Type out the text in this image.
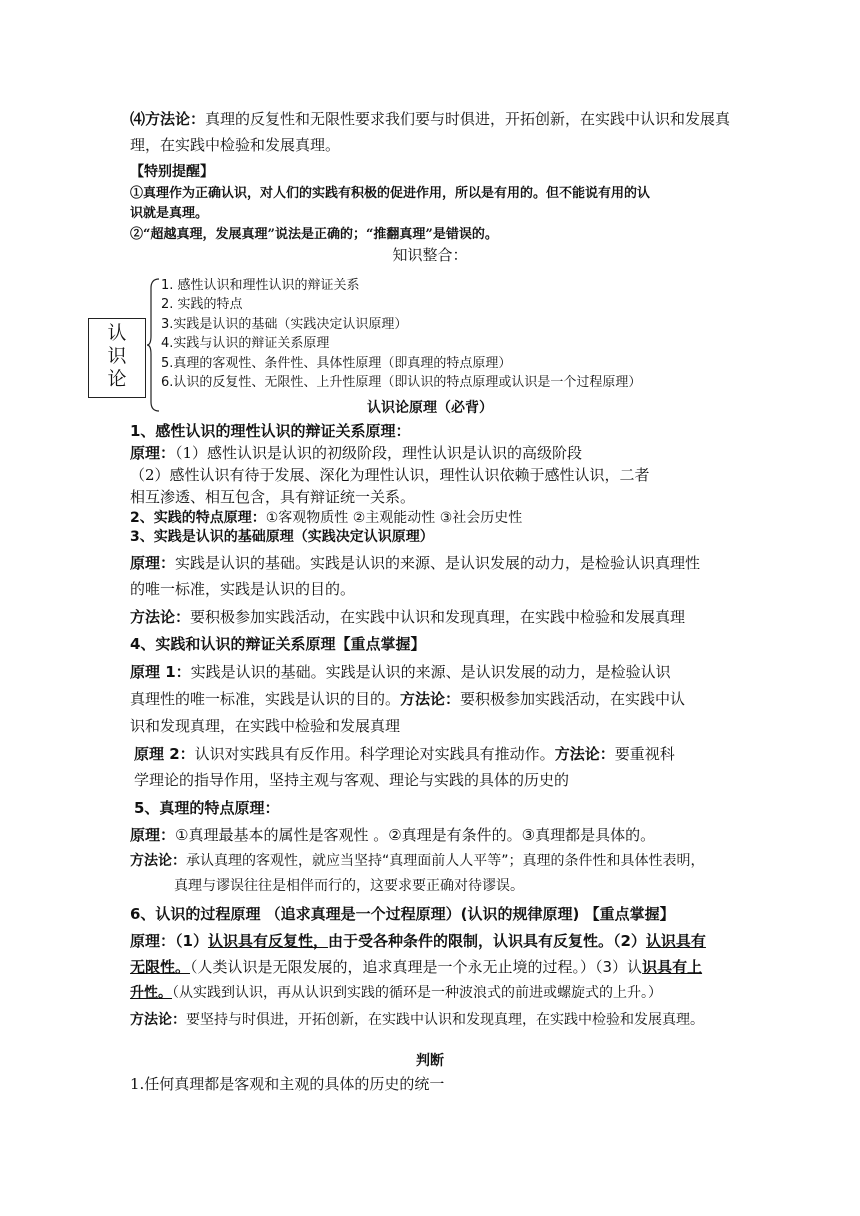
⑷方法论：真理的反复性和无限性要求我们要与时俱进，开拓创新，在实践中认识和发展真
理，在实践中检验和发展真理。
【特别提醒】
①真理作为正确认识，对人们的实践有积极的促进作用，所以是有用的。但不能说有用的认
识就是真理。
②“超越真理，发展真理”说法是正确的；“推翻真理”是错误的。
知识整合：
认识论
1. 感性认识和理性认识的辩证关系
2. 实践的特点
3.实践是认识的基础（实践决定认识原理）
4.实践与认识的辩证关系原理
5.真理的客观性、条件性、具体性原理（即真理的特点原理）
6.认识的反复性、无限性、上升性原理（即认识的特点原理或认识是一个过程原理）
认识论原理（必背）
1、感性认识的理性认识的辩证关系原理：
原理：（1）感性认识是认识的初级阶段，理性认识是认识的高级阶段
（2）感性认识有待于发展、深化为理性认识，理性认识依赖于感性认识，二者
相互渗透、相互包含，具有辩证统一关系。
2、实践的特点原理：①客观物质性 ②主观能动性 ③社会历史性
3、实践是认识的基础原理（实践决定认识原理）
原理：实践是认识的基础。实践是认识的来源、是认识发展的动力，是检验认识真理性
的唯一标准，实践是认识的目的。
方法论：要积极参加实践活动，在实践中认识和发现真理，在实践中检验和发展真理
4、实践和认识的辩证关系原理【重点掌握】
原理 1：实践是认识的基础。实践是认识的来源、是认识发展的动力，是检验认识
真理性的唯一标准，实践是认识的目的。方法论：要积极参加实践活动，在实践中认
识和发现真理，在实践中检验和发展真理
原理 2：认识对实践具有反作用。科学理论对实践具有推动作。方法论：要重视科
学理论的指导作用，坚持主观与客观、理论与实践的具体的历史的
5、真理的特点原理：
原理：①真理最基本的属性是客观性 。②真理是有条件的。③真理都是具体的。
方法论：承认真理的客观性，就应当坚持“真理面前人人平等”；真理的条件性和具体性表明，
真理与谬误往往是相伴而行的，这要求要正确对待谬误。
6、认识的过程原理 （追求真理是一个过程原理）(认识的规律原理) 【重点掌握】
原理：（1）认识具有反复性，由于受各种条件的限制，认识具有反复性。（2）认识具有
无限性。（人类认识是无限发展的，追求真理是一个永无止境的过程。）（3）认识具有上
升性。（从实践到认识，再从认识到实践的循环是一种波浪式的前进或螺旋式的上升。）
方法论：要坚持与时俱进，开拓创新，在实践中认识和发现真理，在实践中检验和发展真理。
判断
1.任何真理都是客观和主观的具体的历史的统一
